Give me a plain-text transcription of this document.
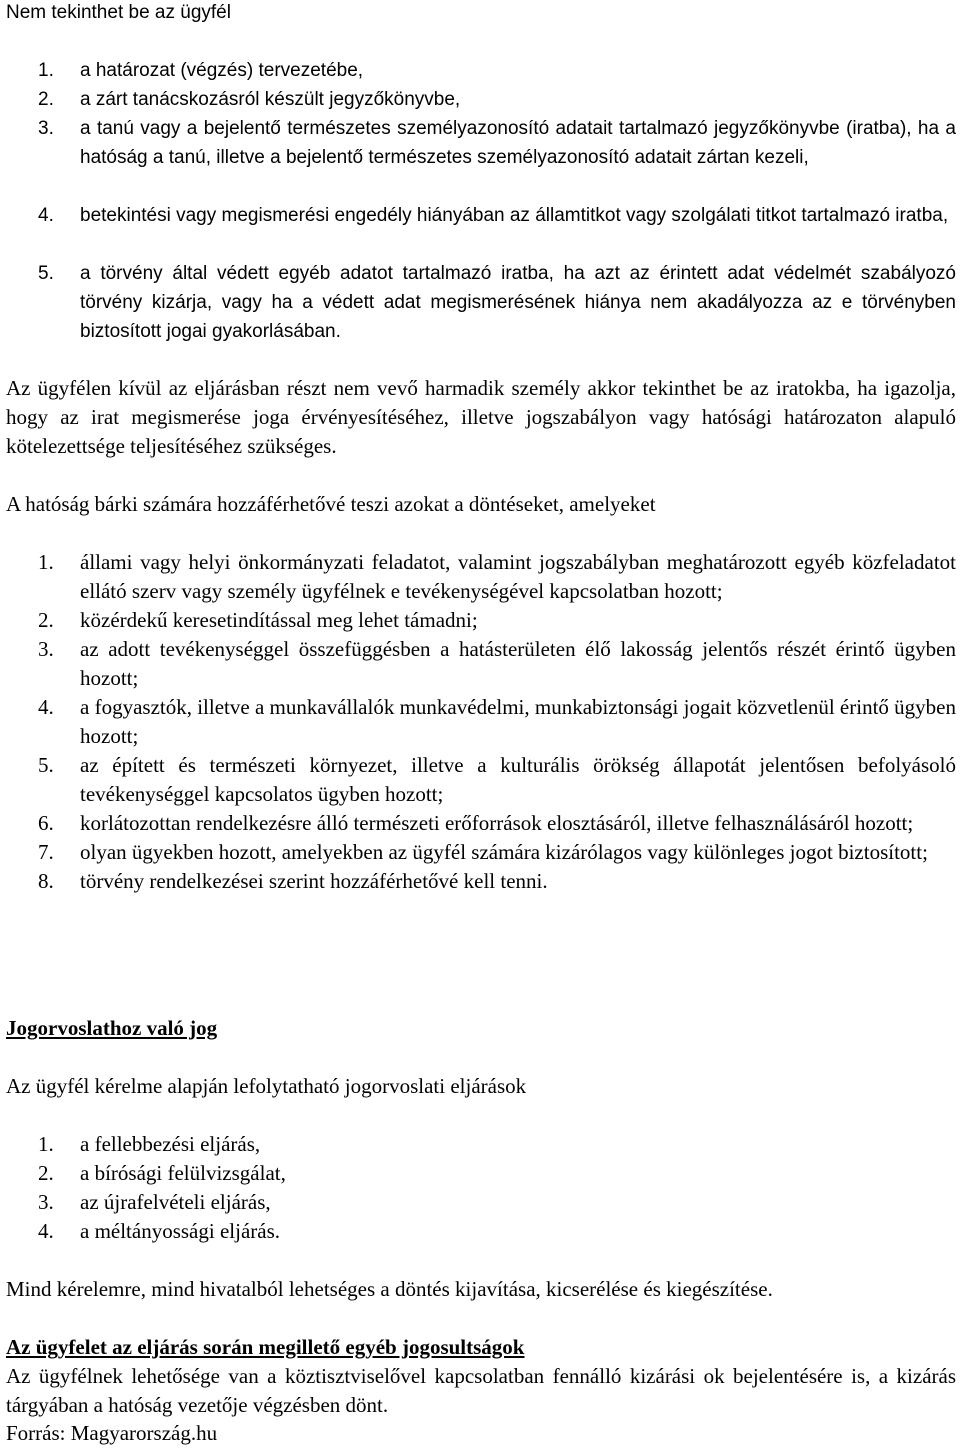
Nem tekinthet be az ügyfél
1. a határozat (végzés) tervezetébe,
2. a zárt tanácskozásról készült jegyzőkönyvbe,
3. a tanú vagy a bejelentő természetes személyazonosító adatait tartalmazó jegyzőkönyvbe (iratba), ha a hatóság a tanú, illetve a bejelentő természetes személyazonosító adatait zártan kezeli,
4. betekintési vagy megismerési engedély hiányában az államtitkot vagy szolgálati titkot tartalmazó iratba,
5. a törvény által védett egyéb adatot tartalmazó iratba, ha azt az érintett adat védelmét szabályozó törvény kizárja, vagy ha a védett adat megismerésének hiánya nem akadályozza az e törvényben biztosított jogai gyakorlásában.

Az ügyfélen kívül az eljárásban részt nem vevő harmadik személy akkor tekinthet be az iratokba, ha igazolja, hogy az irat megismerése joga érvényesítéséhez, illetve jogszabályon vagy hatósági határozaton alapuló kötelezettsége teljesítéséhez szükséges.

A hatóság bárki számára hozzáférhetővé teszi azokat a döntéseket, amelyeket
1. állami vagy helyi önkormányzati feladatot, valamint jogszabályban meghatározott egyéb közfeladatot ellátó szerv vagy személy ügyfélnek e tevékenységével kapcsolatban hozott;
2. közérdekű keresetindítással meg lehet támadni;
3. az adott tevékenységgel összefüggésben a hatásterületen élő lakosság jelentős részét érintő ügyben hozott;
4. a fogyasztók, illetve a munkavállalók munkavédelmi, munkabiztonsági jogait közvetlenül érintő ügyben hozott;
5. az épített és természeti környezet, illetve a kulturális örökség állapotát jelentősen befolyásoló tevékenységgel kapcsolatos ügyben hozott;
6. korlátozottan rendelkezésre álló természeti erőforrások elosztásáról, illetve felhasználásáról hozott;
7. olyan ügyekben hozott, amelyekben az ügyfél számára kizárólagos vagy különleges jogot biztosított;
8. törvény rendelkezései szerint hozzáférhetővé kell tenni.
Jogorvoslathoz való jog
Az ügyfél kérelme alapján lefolytatható jogorvoslati eljárások
1. a fellebbezési eljárás,
2. a bírósági felülvizsgálat,
3. az újrafelvételi eljárás,
4. a méltányossági eljárás.
Mind kérelemre, mind hivatalból lehetséges a döntés kijavítása, kicserélése és kiegészítése.
Az ügyfelet az eljárás során megillető egyéb jogosultságok

Az ügyfélnek lehetősége van a köztisztviselővel kapcsolatban fennálló kizárási ok bejelentésére is, a kizárás tárgyában a hatóság vezetője végzésben dönt.

Forrás: Magyarország.hu
